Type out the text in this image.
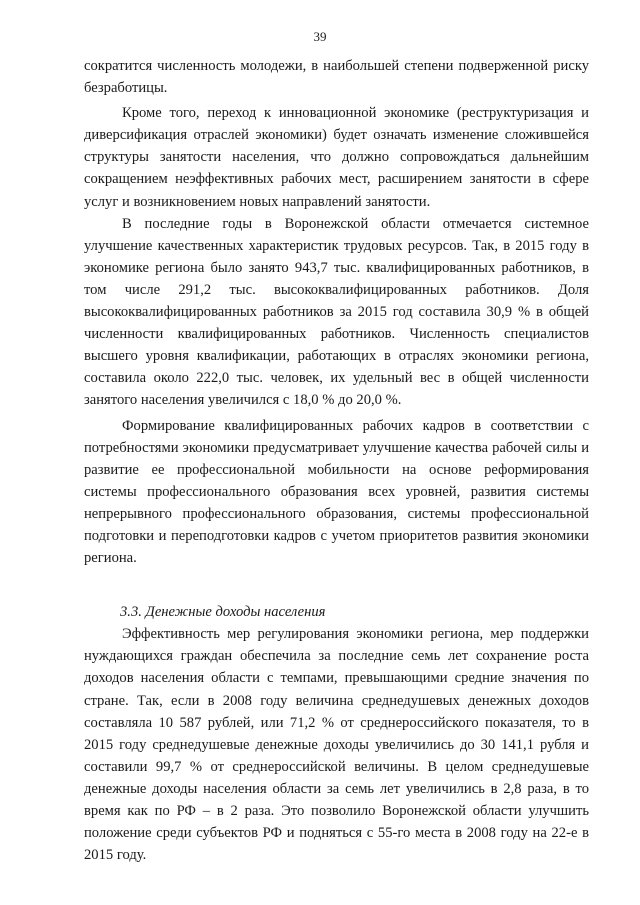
39

сократится численность молодежи, в наибольшей степени подверженной риску безработицы.

Кроме того, переход к инновационной экономике (реструктуризация и диверсификация отраслей экономики) будет означать изменение сложившейся структуры занятости населения, что должно сопровождаться дальнейшим сокращением неэффективных рабочих мест, расширением занятости в сфере услуг и возникновением новых направлений занятости.

В последние годы в Воронежской области отмечается системное улучшение качественных характеристик трудовых ресурсов. Так, в 2015 году в экономике региона было занято 943,7 тыс. квалифицированных работников, в том числе 291,2 тыс. высококвалифицированных работников. Доля высококвалифицированных работников за 2015 год составила 30,9 % в общей численности квалифицированных работников. Численность специалистов высшего уровня квалификации, работающих в отраслях экономики региона, составила около 222,0 тыс. человек, их удельный вес в общей численности занятого населения увеличился с 18,0 % до 20,0 %.

Формирование квалифицированных рабочих кадров в соответствии с потребностями экономики предусматривает улучшение качества рабочей силы и развитие ее профессиональной мобильности на основе реформирования системы профессионального образования всех уровней, развития системы непрерывного профессионального образования, системы профессиональной подготовки и переподготовки кадров с учетом приоритетов развития экономики региона.

3.3. Денежные доходы населения

Эффективность мер регулирования экономики региона, мер поддержки нуждающихся граждан обеспечила за последние семь лет сохранение роста доходов населения области с темпами, превышающими средние значения по стране. Так, если в 2008 году величина среднедушевых денежных доходов составляла 10 587 рублей, или 71,2 % от среднероссийского показателя, то в 2015 году среднедушевые денежные доходы увеличились до 30 141,1 рубля и составили 99,7 % от среднероссийской величины. В целом среднедушевые денежные доходы населения области за семь лет увеличились в 2,8 раза, в то время как по РФ – в 2 раза. Это позволило Воронежской области улучшить положение среди субъектов РФ и подняться с 55-го места в 2008 году на 22-е в 2015 году.
